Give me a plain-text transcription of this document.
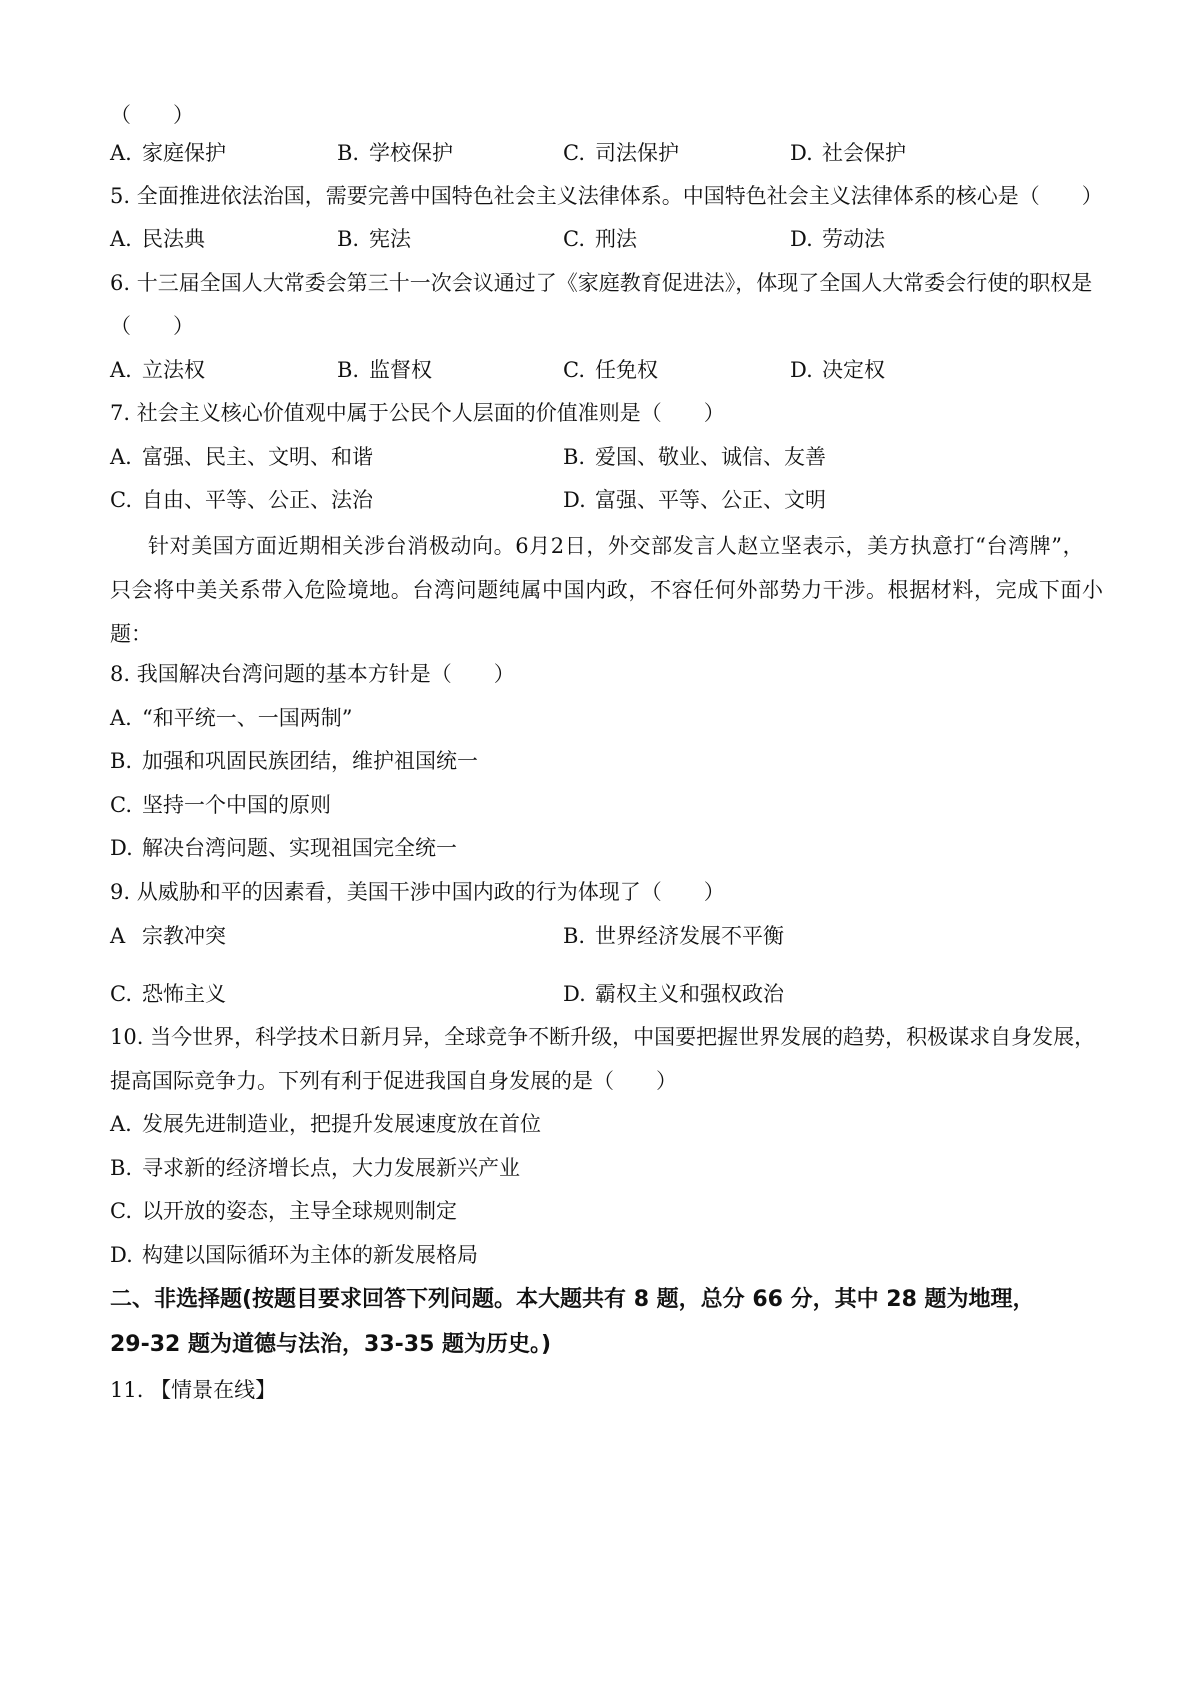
（　　）
A. 家庭保护	B. 学校保护	C. 司法保护	D. 社会保护
5. 全面推进依法治国，需要完善中国特色社会主义法律体系。中国特色社会主义法律体系的核心是（　　）
A. 民法典	B. 宪法	C. 刑法	D. 劳动法
6. 十三届全国人大常委会第三十一次会议通过了《家庭教育促进法》，体现了全国人大常委会行使的职权是
（　　）
A. 立法权	B. 监督权	C. 任免权	D. 决定权
7. 社会主义核心价值观中属于公民个人层面的价值准则是（　　）
A. 富强、民主、文明、和谐	B. 爱国、敬业、诚信、友善
C. 自由、平等、公正、法治	D. 富强、平等、公正、文明
针对美国方面近期相关涉台消极动向。6月2日，外交部发言人赵立坚表示，美方执意打“台湾牌”，
只会将中美关系带入危险境地。台湾问题纯属中国内政，不容任何外部势力干涉。根据材料，完成下面小
题：
8. 我国解决台湾问题的基本方针是（　　）
A. “和平统一、一国两制”
B. 加强和巩固民族团结，维护祖国统一
C. 坚持一个中国的原则
D. 解决台湾问题、实现祖国完全统一
9. 从威胁和平的因素看，美国干涉中国内政的行为体现了（　　）
A 宗教冲突	B. 世界经济发展不平衡
C. 恐怖主义	D. 霸权主义和强权政治
10. 当今世界，科学技术日新月异，全球竞争不断升级，中国要把握世界发展的趋势，积极谋求自身发展，
提高国际竞争力。下列有利于促进我国自身发展的是（　　）
A. 发展先进制造业，把提升发展速度放在首位
B. 寻求新的经济增长点，大力发展新兴产业
C. 以开放的姿态，主导全球规则制定
D. 构建以国际循环为主体的新发展格局
二、非选择题(按题目要求回答下列问题。本大题共有 8 题，总分 66 分，其中 28 题为地理，
29-32 题为道德与法治，33-35 题为历史。)
11. 【情景在线】
